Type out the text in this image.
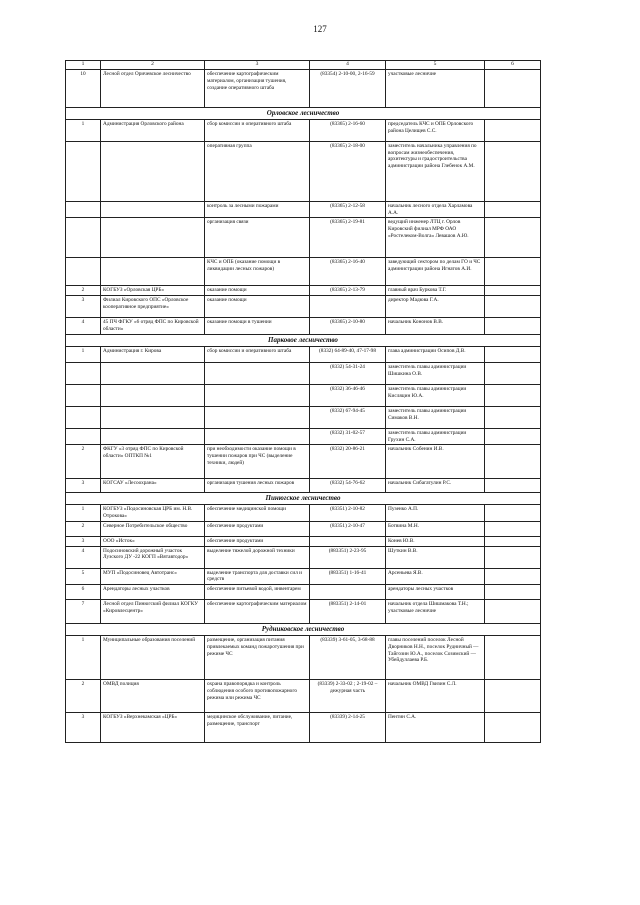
127
1	2	3	4	5	6
10	Лесной отдел Оричевское лесничество	обеспечение картографическим материалом, организация тушения, создание оперативного штаба	(83354) 2-10-00, 2-16-59	участковые лесничие	
Орловское лесничество					
1	Администрация Орловского района	сбор комиссии и оперативного штаба	(83365) 2-16-60	председатель КЧС и ОПБ Орловского района Целищев С.С.	
		оперативная группа	(83365) 2-18-00	заместитель начальника управления по вопросам жизнеобеспечения, архитектуры и градостроительства администрации района Глебенок А.М.	
		контроль за лесными пожарами	(83365) 2-12-58	начальник лесного отдела Харламова А.А.	
		организация связи	(83365) 2-19-81	ведущий инженер ЛТЦ г. Орлов Кировский филиал МРФ ОАО «Ростелеком-Волга» Левашов А.Ю.	
		КЧС и ОПБ (оказание помощи в ликвидации лесных пожаров)	(83365) 2-16-40	заведующий сектором по делам ГО и ЧС администрации района Игнатов А.И.	
2	КОГБУЗ «Орловская ЦРБ»	оказание помощи	(83365) 2-13-79	главный врач Буркова Т.Г.	
3	Филиал Кировского ОПС «Орловское кооперативное предприятие»	оказание помощи		директор Мадюва Г.А.	
4	45 ПЧ ФГКУ «6 отряд ФПС по Кировской области»	оказание помощи в тушении	(83365) 2-10-80	начальник Кононов В.В.	
Парковое лесничество					
1	Администрация г. Кирова	сбор комиссии и оперативного штаба	(8332) 64-89-40, 47-17-98	глава администрации Осипов Д.В.	
			(8332) 54-31-24	заместитель главы администрации Шишкина О.В.	
			(8332) 36-46-46	заместитель главы администрации Кисляцин Ю.А.	
			(8332) 67-94-45	заместитель главы администрации Симаков В.Н.	
			(8332) 31-02-57	заместитель главы администрации Грухин С.А.	
2	ФКГУ «3 отряд ФПС по Кировской области» ОПТКП №1	при необходимости оказание помощи в тушении пожаров при ЧС (выделение техники, людей)	(8332) 20-86-21	начальник Собенин И.В.	
3	КОГСАУ «Лесоохрана»	организация тушения лесных пожаров	(8332) 54-76-62	начальник Сибагатулин Р.С.	
Пинюгское лесничество					
1	КОГБУЗ «Подосиновская ЦРБ им. Н.В. Отрокова»	обеспечение медицинской помощи	(83351) 2-10-82	Пузенко А.П.	
2	Северное Потребительское общество	обеспечение продуктами	(83351) 2-10-47	Ботвина М.Н.	
3	ООО «Исток»	обеспечение продуктами		Конев Ю.В.	
4	Подосиновский дорожный участок Лузского ДУ -22 КОГП «Вятавтодор»	выделение тяжелой дорожной техники	(883351) 2-23-95	Шуткин В.В.	
5	МУП «Подосиновец Автотранс»	выделение транспорта для доставки сил и средств	(883351) 1-16-41	Арсеньева Я.В.	
6	Арендаторы лесных участков	обеспечение питьевой водой, инвентарем		арендаторы лесных участков	
7	Лесной отдел Пинюгский филиал КОГКУ «Кировлесцентр»	обеспечение картографическим материалом	(883351) 2-14-01	начальник отдела Шишмакова Т.Н.; участковые лесничие	
Рудниковское лесничество					
1	Муниципальные образования поселений	размещение, организация питания привлекаемых команд пожаротушения при режиме ЧС	(83339) 3-61-05, 3-68-88	главы поселений поселок Лесной Дворников Н.Н., поселок Рудничный — Тайгозин Ю.А., поселок Созимский — Убейдуллаева Р.Б.	
2	ОМВД полиция	охрана правопорядка и контроль соблюдения особого противопожарного режима или режима ЧС	(83339) 2-33-02 ; 2-19-02 – дежурная часть	начальник ОМВД Гвизин С.Л.	
3	КОГБУЗ «Верхнекамская «ЦРБ»	медицинское обслуживание, питание, размещение, транспорт	(83339) 2-14-25	Пентин С.А.	
